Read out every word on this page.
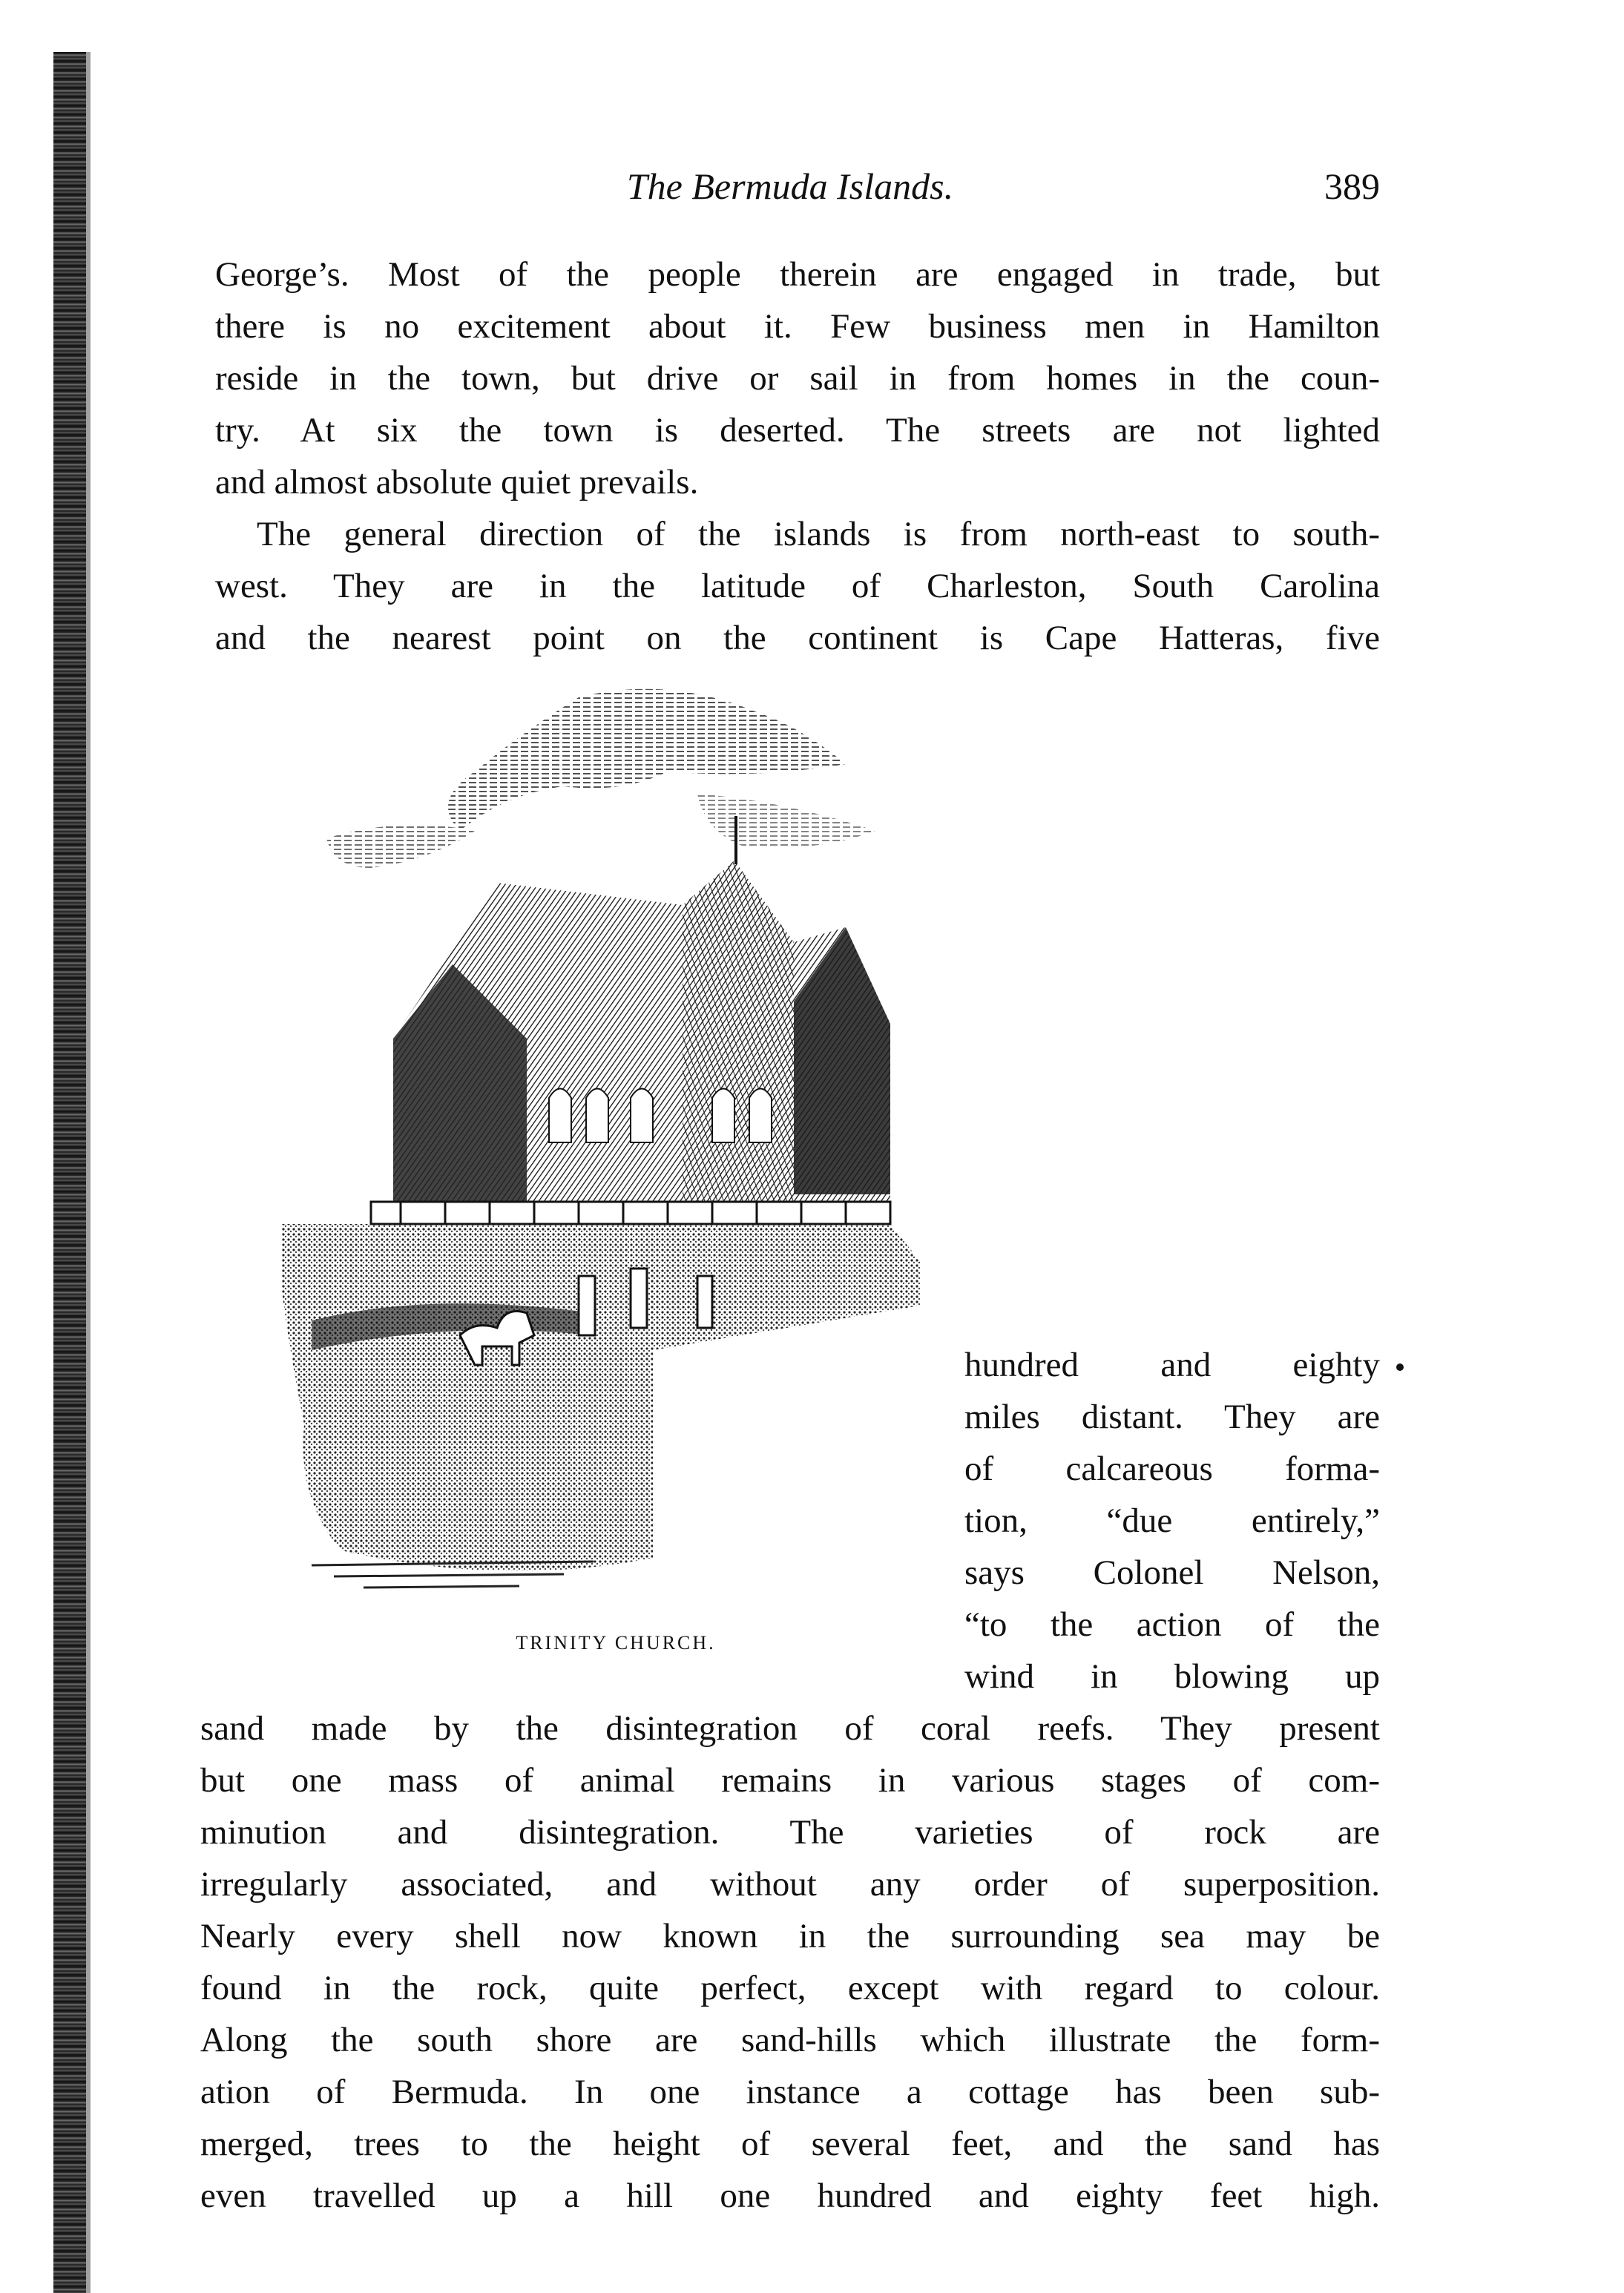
The Bermuda Islands.	389
George’s. Most of the people therein are engaged in trade, but
there is no excitement about it. Few business men in Hamilton
reside in the town, but drive or sail in from homes in the coun-
try. At six the town is deserted. The streets are not lighted
and almost absolute quiet prevails.
The general direction of the islands is from north-east to south-
west. They are in the latitude of Charleston, South Carolina
and the nearest point on the continent is Cape Hatteras, five
TRINITY CHURCH.
hundred and eighty
miles distant. They are
of calcareous forma-
tion, “due entirely,”
says Colonel Nelson,
“to the action of the
wind in blowing up
sand made by the disintegration of coral reefs. They present
but one mass of animal remains in various stages of com-
minution and disintegration. The varieties of rock are
irregularly associated, and without any order of superposition.
Nearly every shell now known in the surrounding sea may be
found in the rock, quite perfect, except with regard to colour.
Along the south shore are sand-hills which illustrate the form-
ation of Bermuda. In one instance a cottage has been sub-
merged, trees to the height of several feet, and the sand has
even travelled up a hill one hundred and eighty feet high.
